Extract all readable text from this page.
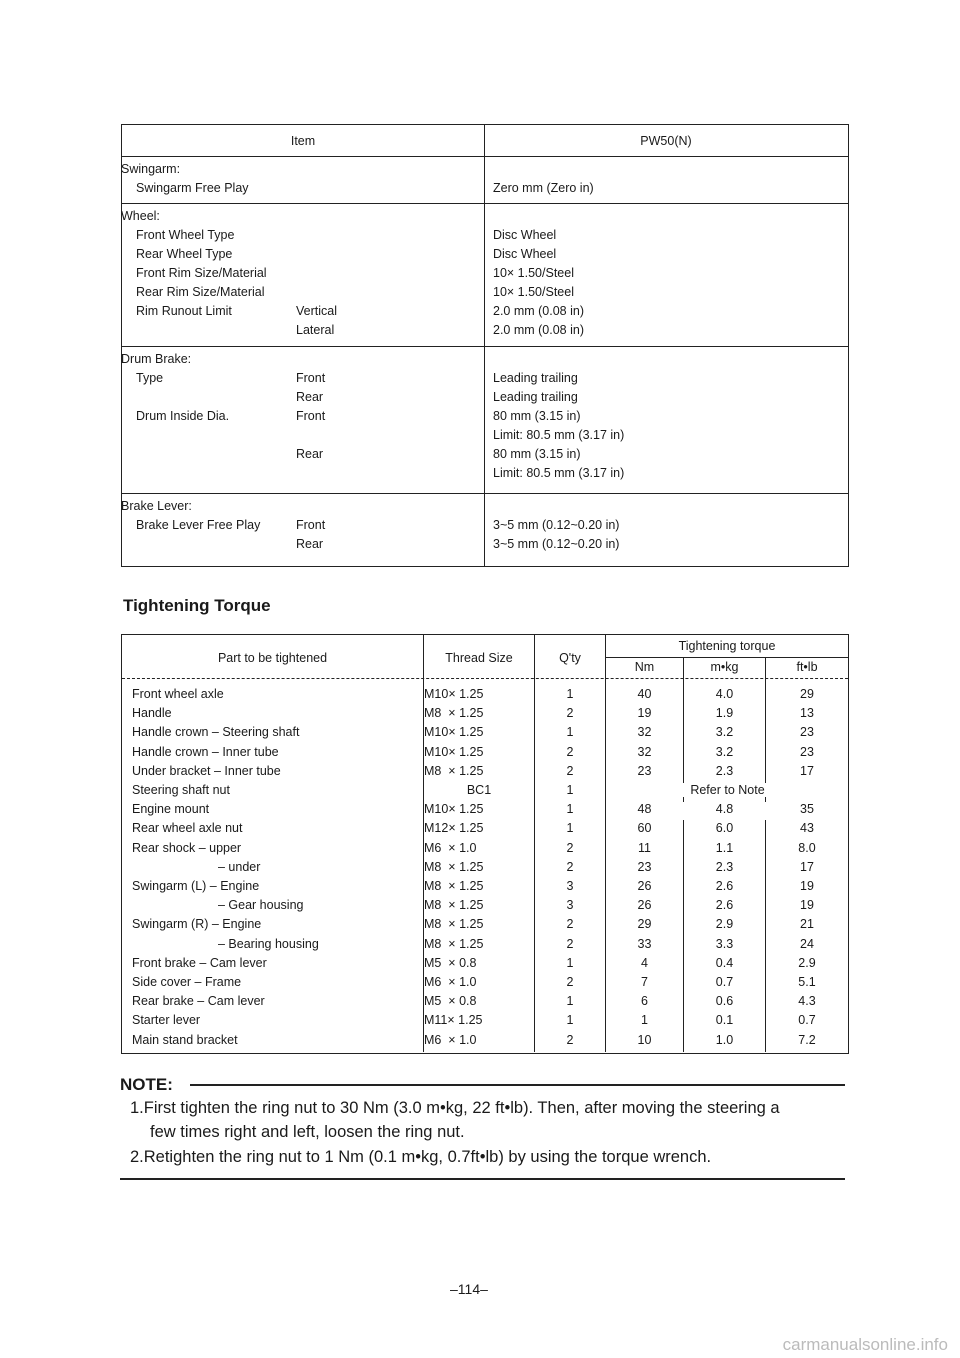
Item	PW50(N)
Swingarm:
Swingarm Free Play	Zero mm (Zero in)
Wheel:
Front Wheel Type	Disc Wheel
Rear Wheel Type	Disc Wheel
Front Rim Size/Material	10× 1.50/Steel
Rear Rim Size/Material	10× 1.50/Steel
Rim Runout Limit	Vertical	2.0 mm (0.08 in)
Lateral	2.0 mm (0.08 in)
Drum Brake:
Type	Front	Leading trailing
Rear	Leading trailing
Drum Inside Dia.	Front	80 mm (3.15 in)
Limit: 80.5 mm (3.17 in)
Rear	80 mm (3.15 in)
Limit: 80.5 mm (3.17 in)
Brake Lever:
Brake Lever Free Play	Front	3~5 mm (0.12~0.20 in)
Rear	3~5 mm (0.12~0.20 in)
Tightening Torque
Part to be tightened	Thread Size	Q'ty
Tightening torque
Nm	m•kg	ft•lb
Front wheel axle	M10× 1.25	1	40	4.0	29
Handle	M8  × 1.25	2	19	1.9	13
Handle crown – Steering shaft	M10× 1.25	1	32	3.2	23
Handle crown – Inner tube	M10× 1.25	2	32	3.2	23
Under bracket – Inner tube	M8  × 1.25	2	23	2.3	17
Steering shaft nut	BC1	1	Refer to Note
Engine mount	M10× 1.25	1	48	4.8	35
Rear wheel axle nut	M12× 1.25	1	60	6.0	43
Rear shock – upper	M6  × 1.0	2	11	1.1	8.0
– under	M8  × 1.25	2	23	2.3	17
Swingarm (L) – Engine	M8  × 1.25	3	26	2.6	19
– Gear housing	M8  × 1.25	3	26	2.6	19
Swingarm (R) – Engine	M8  × 1.25	2	29	2.9	21
– Bearing housing	M8  × 1.25	2	33	3.3	24
Front brake – Cam lever	M5  × 0.8	1	4	0.4	2.9
Side cover – Frame	M6  × 1.0	2	7	0.7	5.1
Rear brake – Cam lever	M5  × 0.8	1	6	0.6	4.3
Starter lever	M11× 1.25	1	1	0.1	0.7
Main stand bracket	M6  × 1.0	2	10	1.0	7.2
NOTE:
1.First tighten the ring nut to 30 Nm (3.0 m•kg, 22 ft•lb). Then, after moving the steering a
few times right and left, loosen the ring nut.
2.Retighten the ring nut to 1 Nm (0.1 m•kg, 0.7ft•lb) by using the torque wrench.
–114–
carmanualsonline.info
